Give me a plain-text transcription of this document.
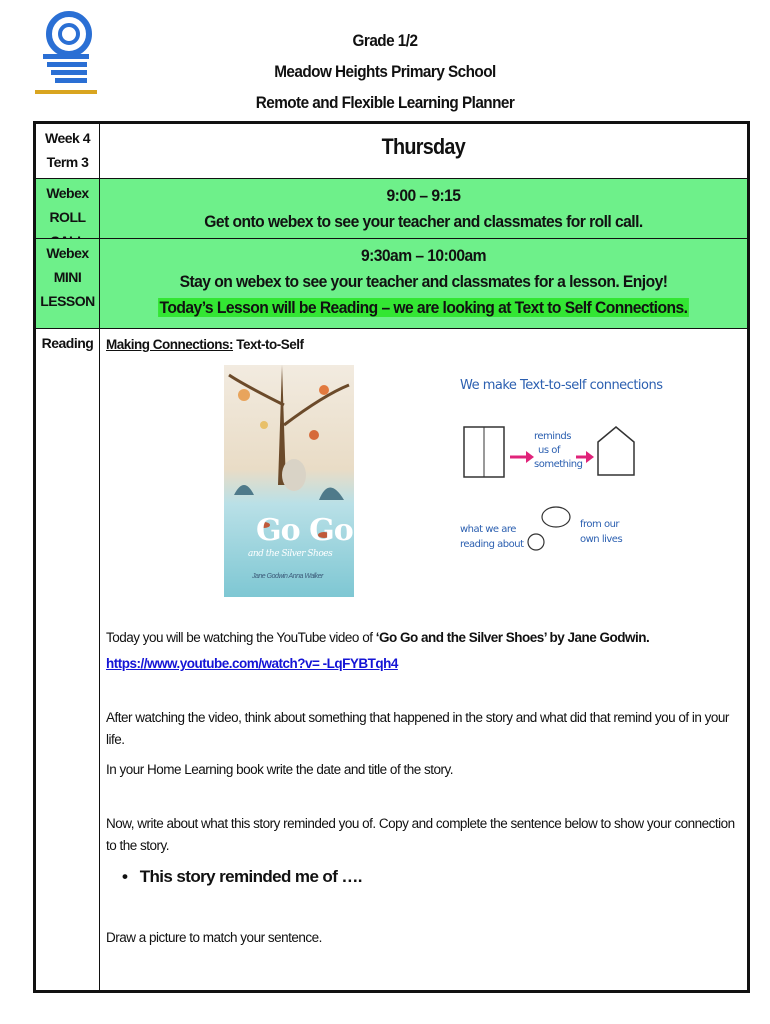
Grade 1/2
Meadow Heights Primary School
Remote and Flexible Learning Planner
Week 4
Term 3
Thursday
Webex
ROLL
9:00 – 9:15
Get onto webex to see your teacher and classmates for roll call.
Webex
MINI
LESSON
9:30am – 10:00am
Stay on webex to see your teacher and classmates for a lesson. Enjoy!
Today’s Lesson will be Reading – we are looking at Text to Self Connections.
Reading Making Connections: Text-to-Self
Go Go
and the Silver Shoes
Jane Godwin Anna Walker
We make Text-to-self connections
reminds
us of
something
what we are
reading about
from our
own lives
Today you will be watching the YouTube video of ‘Go Go and the Silver Shoes’ by Jane Godwin.
https://www.youtube.com/watch?v= -LqFYBTqh4
After watching the video, think about something that happened in the story and what did that remind you of in your life.
In your Home Learning book write the date and title of the story.
Now, write about what this story reminded you of. Copy and complete the sentence below to show your connection to the story.
•   This story reminded me of ….
Draw a picture to match your sentence.
